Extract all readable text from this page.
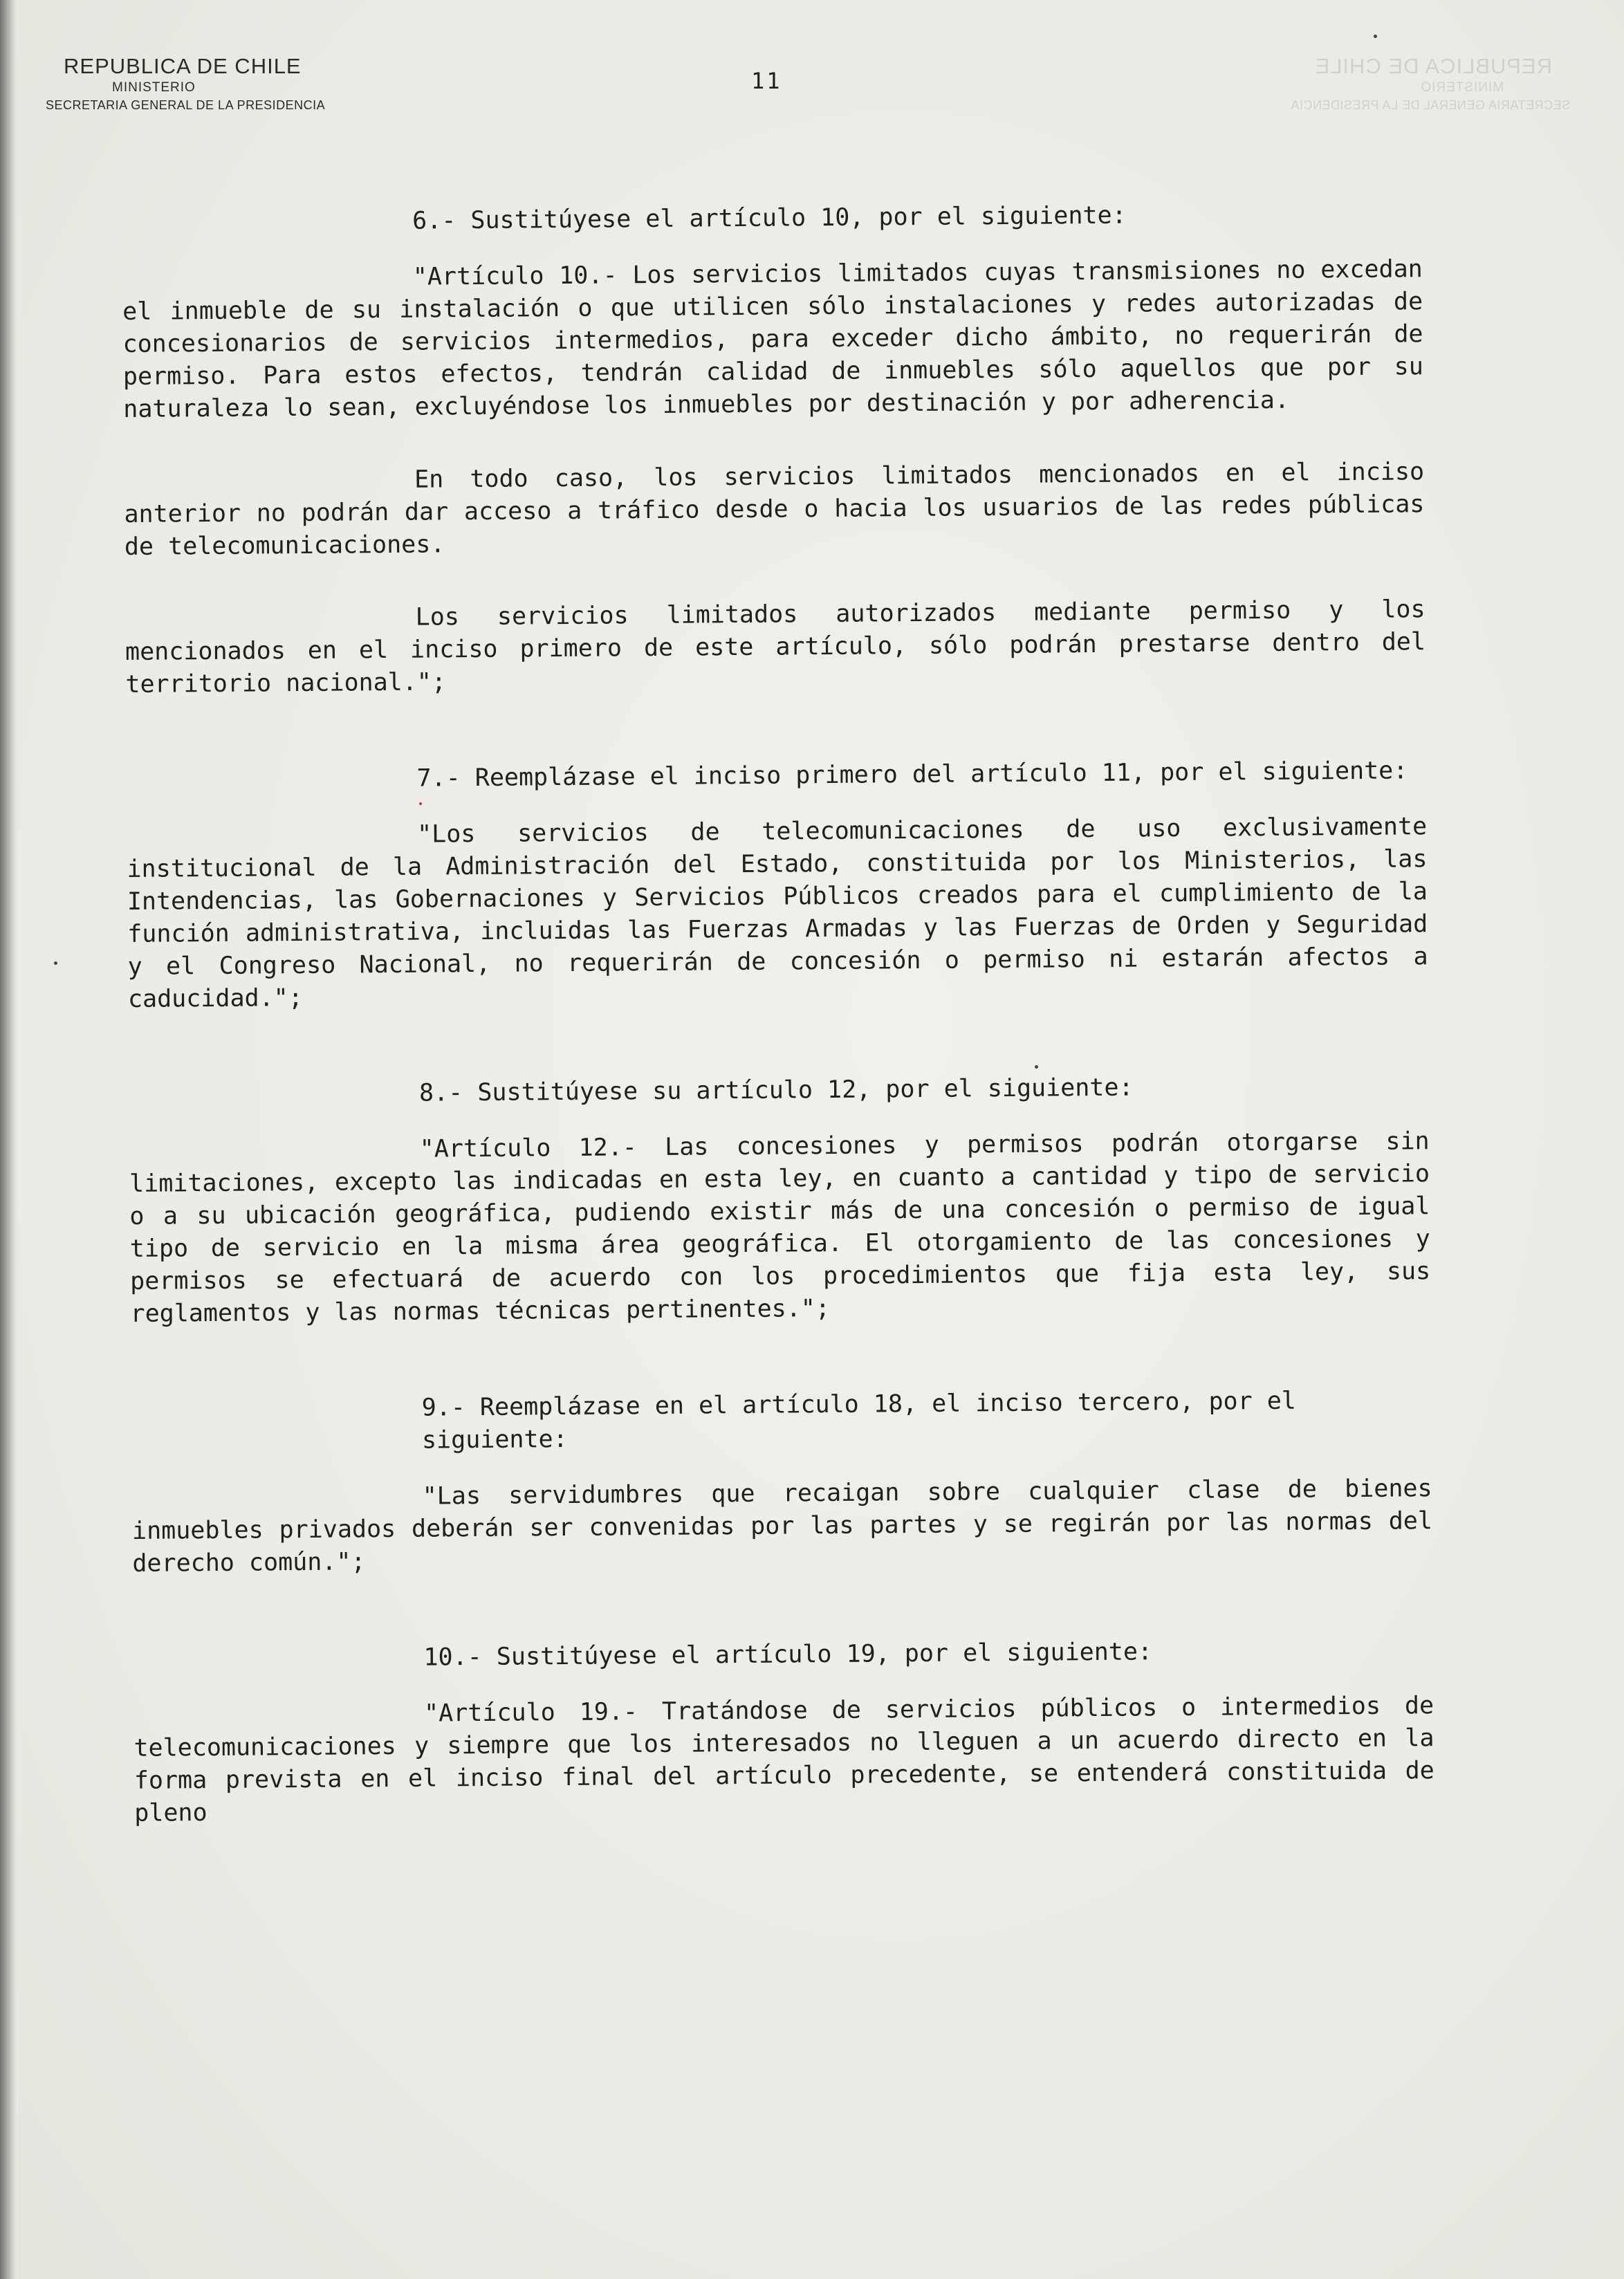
REPUBLICA DE CHILE
MINISTERIO
SECRETARIA GENERAL DE LA PRESIDENCIA
REPUBLICA DE CHILE
MINISTERIO
SECRETARIA GENERAL DE LA PRESIDENCIA
11

6.- Sustitúyese el artículo 10, por el siguiente:

"Artículo 10.- Los servicios limitados cuyas transmisiones no excedan el inmueble de su instalación o que utilicen sólo instalaciones y redes autorizadas de concesionarios de servicios intermedios, para exceder dicho ámbito, no requerirán de permiso. Para estos efectos, tendrán calidad de inmuebles sólo aquellos que por su naturaleza lo sean, excluyéndose los inmuebles por destinación y por adherencia.

En todo caso, los servicios limitados mencionados en el inciso anterior no podrán dar acceso a tráfico desde o hacia los usuarios de las redes públicas de telecomunicaciones.

Los servicios limitados autorizados mediante permiso y los mencionados en el inciso primero de este artículo, sólo podrán prestarse dentro del territorio nacional.";

7.- Reemplázase el inciso primero del artículo 11, por el siguiente:

"Los servicios de telecomunicaciones de uso exclusivamente institucional de la Administración del Estado, constituida por los Ministerios, las Intendencias, las Gobernaciones y Servicios Públicos creados para el cumplimiento de la función administrativa, incluidas las Fuerzas Armadas y las Fuerzas de Orden y Seguridad y el Congreso Nacional, no requerirán de concesión o permiso ni estarán afectos a caducidad.";

8.- Sustitúyese su artículo 12, por el siguiente:

"Artículo 12.- Las concesiones y permisos podrán otorgarse sin limitaciones, excepto las indicadas en esta ley, en cuanto a cantidad y tipo de servicio o a su ubicación geográfica, pudiendo existir más de una concesión o permiso de igual tipo de servicio en la misma área geográfica. El otorgamiento de las concesiones y permisos se efectuará de acuerdo con los procedimientos que fija esta ley, sus reglamentos y las normas técnicas pertinentes.";

9.- Reemplázase en el artículo 18, el inciso tercero, por el siguiente:

"Las servidumbres que recaigan sobre cualquier clase de bienes inmuebles privados deberán ser convenidas por las partes y se regirán por las normas del derecho común.";

10.- Sustitúyese el artículo 19, por el siguiente:

"Artículo 19.- Tratándose de servicios públicos o intermedios de telecomunicaciones y siempre que los interesados no lleguen a un acuerdo directo en la forma prevista en el inciso final del artículo precedente, se entenderá constituida de pleno
